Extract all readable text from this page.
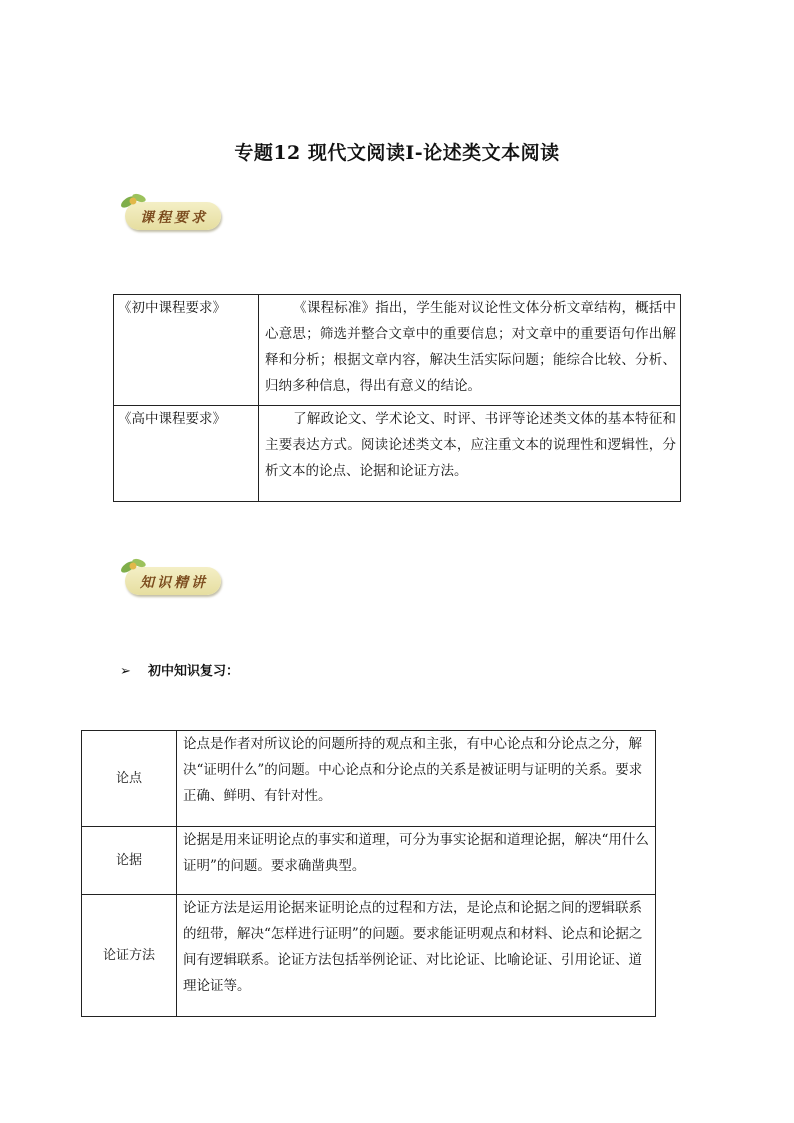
专题12 现代文阅读Ⅰ-论述类文本阅读
课程要求
《初中课程要求》	《课程标准》指出，学生能对议论性文体分析文章结构，概括中心意思；筛选并整合文章中的重要信息；对文章中的重要语句作出解释和分析；根据文章内容，解决生活实际问题；能综合比较、分析、归纳多种信息，得出有意义的结论。
《高中课程要求》	了解政论文、学术论文、时评、书评等论述类文体的基本特征和主要表达方式。阅读论述类文本，应注重文本的说理性和逻辑性，分析文本的论点、论据和论证方法。
知识精讲
➢ 初中知识复习：
论点	论点是作者对所议论的问题所持的观点和主张，有中心论点和分论点之分，解决“证明什么”的问题。中心论点和分论点的关系是被证明与证明的关系。要求正确、鲜明、有针对性。
论据	论据是用来证明论点的事实和道理，可分为事实论据和道理论据，解决“用什么证明”的问题。要求确凿典型。
论证方法	论证方法是运用论据来证明论点的过程和方法，是论点和论据之间的逻辑联系的纽带，解决“怎样进行证明”的问题。要求能证明观点和材料、论点和论据之间有逻辑联系。论证方法包括举例论证、对比论证、比喻论证、引用论证、道理论证等。
